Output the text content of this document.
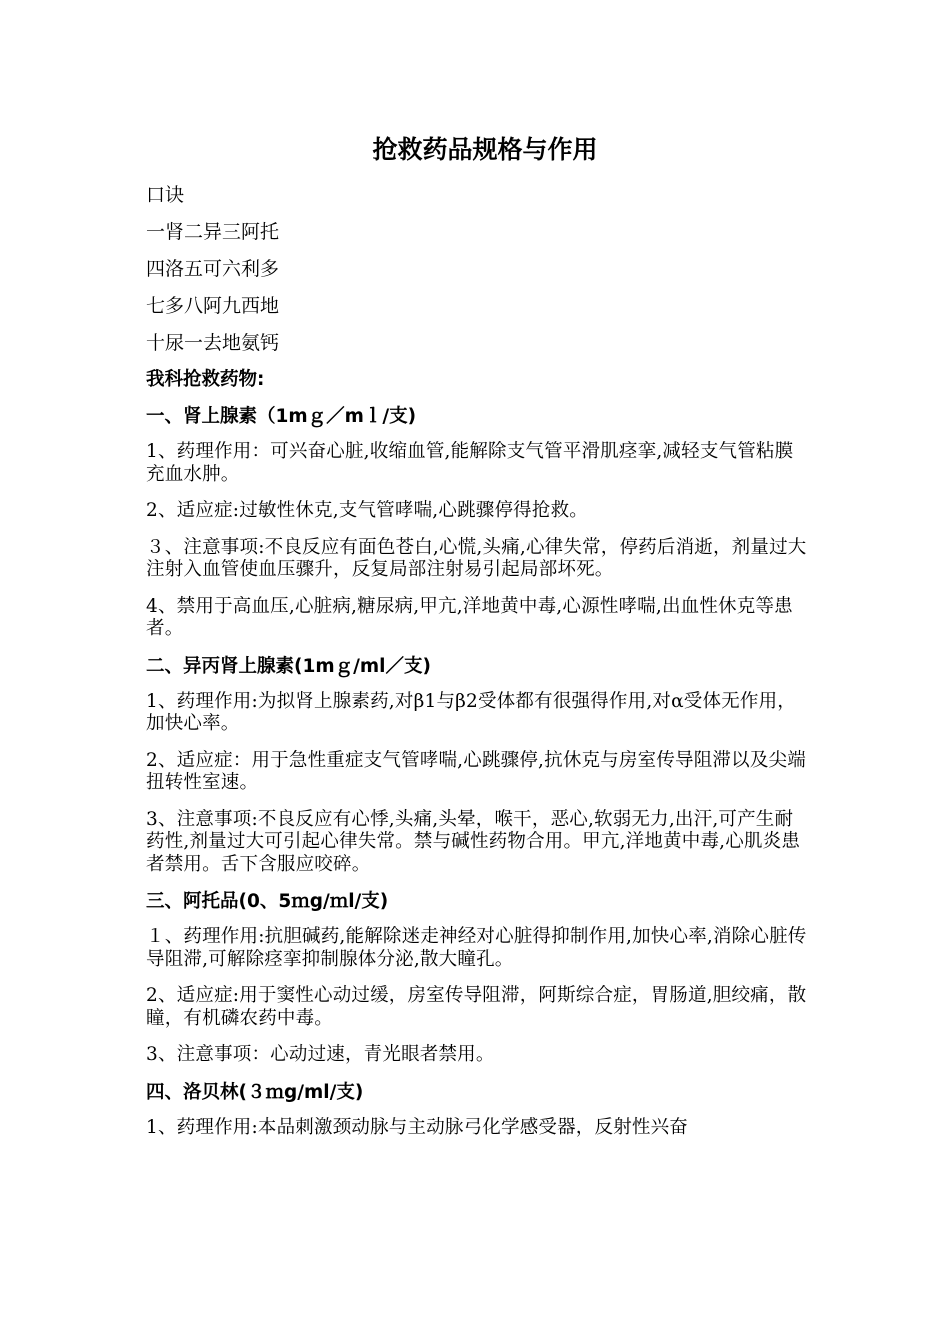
抢救药品规格与作用
口诀
一肾二异三阿托
四洛五可六利多
七多八阿九西地
十尿一去地氨钙
我科抢救药物:
一、肾上腺素（1mｇ／mｌ/支)
1、药理作用：可兴奋心脏,收缩血管,能解除支气管平滑肌痉挛,减轻支气管粘膜充血水肿。
2、适应症:过敏性休克,支气管哮喘,心跳骤停得抢救。
３、注意事项:不良反应有面色苍白,心慌,头痛,心律失常，停药后消逝，剂量过大注射入血管使血压骤升，反复局部注射易引起局部坏死。
4、禁用于高血压,心脏病,糖尿病,甲亢,洋地黄中毒,心源性哮喘,出血性休克等患者。
二、异丙肾上腺素(1mｇ/ml／支)
1、药理作用:为拟肾上腺素药,对β1与β2受体都有很强得作用,对α受体无作用，加快心率。
2、适应症：用于急性重症支气管哮喘,心跳骤停,抗休克与房室传导阻滞以及尖端扭转性室速。
3、注意事项:不良反应有心悸,头痛,头晕，喉干，恶心,软弱无力,出汗,可产生耐药性,剂量过大可引起心律失常。禁与碱性药物合用。甲亢,洋地黄中毒,心肌炎患者禁用。舌下含服应咬碎。
三、阿托品(0、5ｍg/ｍl/支)
１、药理作用:抗胆碱药,能解除迷走神经对心脏得抑制作用,加快心率,消除心脏传导阻滞,可解除痉挛抑制腺体分泌,散大瞳孔。
2、适应症:用于窦性心动过缓，房室传导阻滞，阿斯综合症，胃肠道,胆绞痛，散瞳，有机磷农药中毒。
3、注意事项：心动过速，青光眼者禁用。
四、洛贝林(３ｍg/ml/支)
1、药理作用:本品刺激颈动脉与主动脉弓化学感受器，反射性兴奋
